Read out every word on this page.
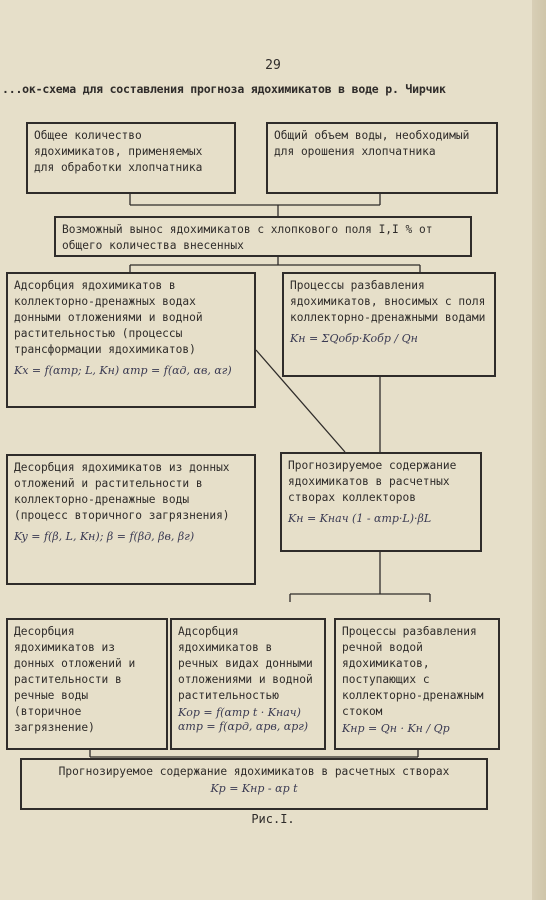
29
...ок-схема для составления прогноза ядохимикатов в воде р. Чирчик
Общее количество ядохимикатов, применяемых для обработки хлопчатника
Общий объем воды, необходимый для орошения хлопчатника
Возможный вынос ядохимикатов с хлопкового поля I,I % от общего количества внесенных
Адсорбция ядохимикатов в коллекторно-дренажных водах донными отложениями и водной растительностью (процессы трансформации ядохимикатов)
Kx = f(αтр; L, Kн) αтр = f(αд, αв, αг)
Процессы разбавления ядохимикатов, вносимых с поля коллекторно-дренажными водами
Kн = ΣQобр·Kобр / Qн
Десорбция ядохимикатов из донных отложений и растительности в коллекторно-дренажные воды (процесс вторичного загрязнения)
Ky = f(β, L, Kн); β = f(βд, βв, βг)
Прогнозируемое содержание ядохимикатов в расчетных створах коллекторов
Kн = Kнач (1 - αтр·L)·βL
Десорбция ядохимикатов из донных отложений и растительности в речные воды (вторичное загрязнение)
Адсорбция ядохимикатов в речных видах донными отложениями и водной растительностью
Kор = f(αтр t · Kнач)
αтр = f(αрд, αрв, αрг)
Процессы разбавления речной водой ядохимикатов, поступающих с коллекторно-дренажным стоком
Kнр = Qн · Kн / Qр
Прогнозируемое содержание ядохимикатов в расчетных створах
Kр = Kнр - αр t
Рис.I.
